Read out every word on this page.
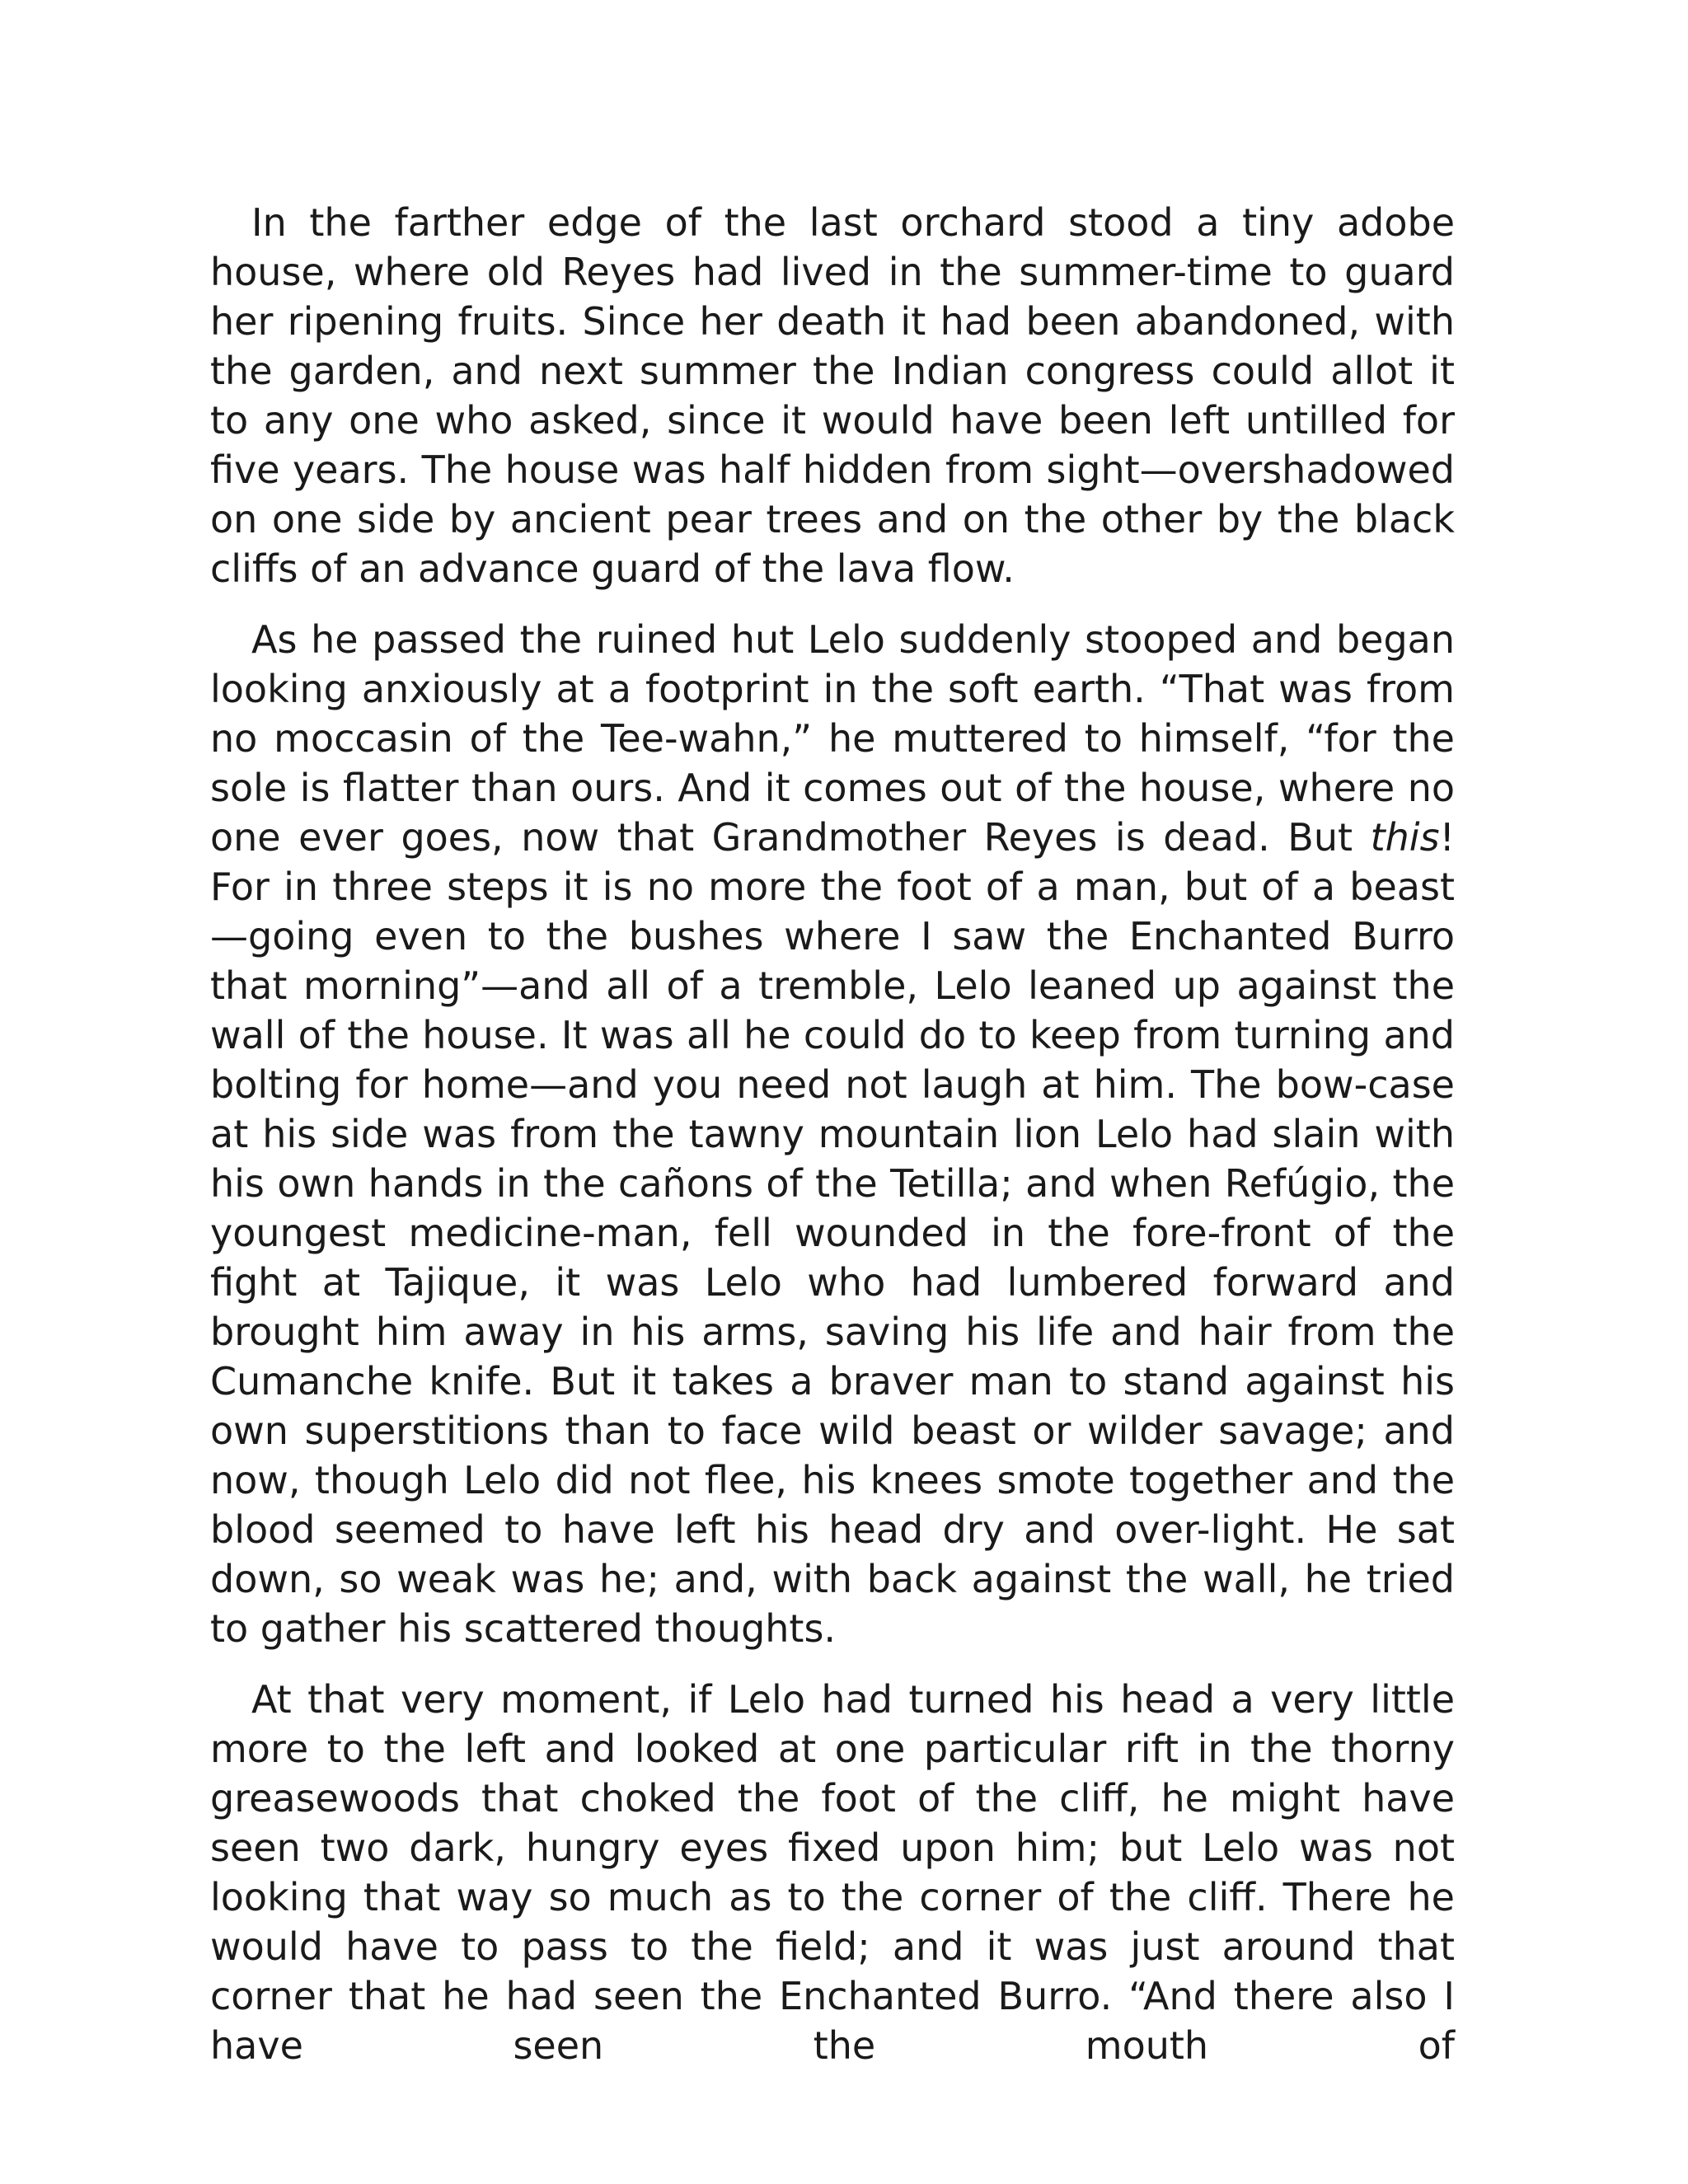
In the farther edge of the last orchard stood a tiny adobe house, where old Reyes had lived in the summer-time to guard her ripening fruits. Since her death it had been abandoned, with the garden, and next summer the Indian congress could allot it to any one who asked, since it would have been left untilled for five years. The house was half hidden from sight—overshadowed on one side by ancient pear trees and on the other by the black cliffs of an advance guard of the lava flow.

As he passed the ruined hut Lelo suddenly stooped and began looking anxiously at a footprint in the soft earth. “That was from no moccasin of the Tee-wahn,” he muttered to himself, “for the sole is flatter than ours. And it comes out of the house, where no one ever goes, now that Grandmother Reyes is dead. But this! For in three steps it is no more the foot of a man, but of a beast—going even to the bushes where I saw the Enchanted Burro that morning”—and all of a tremble, Lelo leaned up against the wall of the house. It was all he could do to keep from turning and bolting for home—and you need not laugh at him. The bow-case at his side was from the tawny mountain lion Lelo had slain with his own hands in the cañons of the Tetilla; and when Refúgio, the youngest medicine-man, fell wounded in the fore-front of the fight at Tajique, it was Lelo who had lumbered forward and brought him away in his arms, saving his life and hair from the Cumanche knife. But it takes a braver man to stand against his own superstitions than to face wild beast or wilder savage; and now, though Lelo did not flee, his knees smote together and the blood seemed to have left his head dry and over-light. He sat down, so weak was he; and, with back against the wall, he tried to gather his scattered thoughts.

At that very moment, if Lelo had turned his head a very little more to the left and looked at one particular rift in the thorny greasewoods that choked the foot of the cliff, he might have seen two dark, hungry eyes fixed upon him; but Lelo was not looking that way so much as to the corner of the cliff. There he would have to pass to the field; and it was just around that corner that he had seen the Enchanted Burro. “And there also I have seen the mouth of
